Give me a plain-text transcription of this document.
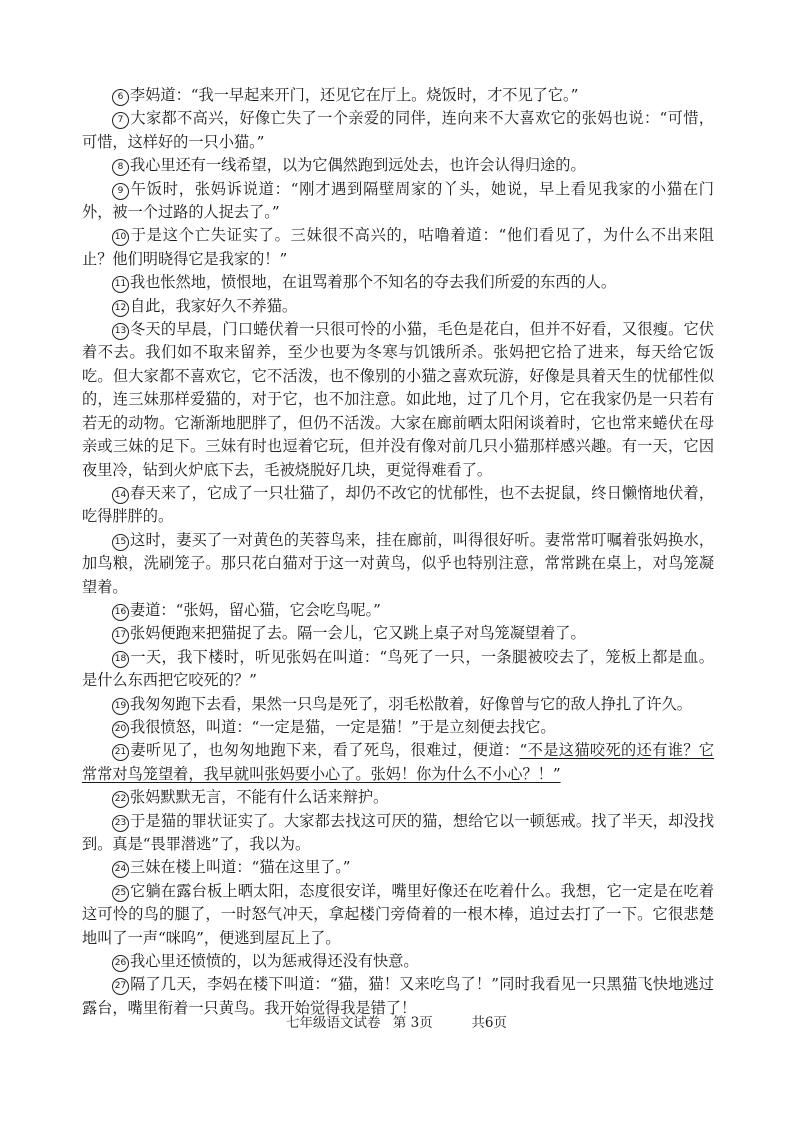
6 李妈道：“我一早起来开门，还见它在厅上。烧饭时，才不见了它。”

7 大家都不高兴，好像亡失了一个亲爱的同伴，连向来不大喜欢它的张妈也说：“可惜，可惜，这样好的一只小猫。”

8 我心里还有一线希望，以为它偶然跑到远处去，也许会认得归途的。

9 午饭时，张妈诉说道：“刚才遇到隔壁周家的丫头，她说，早上看见我家的小猫在门外，被一个过路的人捉去了。”

10 于是这个亡失证实了。三妹很不高兴的，咕噜着道：“他们看见了，为什么不出来阻止？他们明晓得它是我家的！”

11 我也怅然地，愤恨地，在诅骂着那个不知名的夺去我们所爱的东西的人。

12 自此，我家好久不养猫。

13 冬天的早晨，门口蜷伏着一只很可怜的小猫，毛色是花白，但并不好看，又很瘦。它伏着不去。我们如不取来留养，至少也要为冬寒与饥饿所杀。张妈把它拾了进来，每天给它饭吃。但大家都不喜欢它，它不活泼，也不像别的小猫之喜欢玩游，好像是具着天生的忧郁性似的，连三妹那样爱猫的，对于它，也不加注意。如此地，过了几个月，它在我家仍是一只若有若无的动物。它渐渐地肥胖了，但仍不活泼。大家在廊前晒太阳闲谈着时，它也常来蜷伏在母亲或三妹的足下。三妹有时也逗着它玩，但并没有像对前几只小猫那样感兴趣。有一天，它因夜里冷，钻到火炉底下去，毛被烧脱好几块，更觉得难看了。

14 春天来了，它成了一只壮猫了，却仍不改它的忧郁性，也不去捉鼠，终日懒惰地伏着，吃得胖胖的。

15 这时，妻买了一对黄色的芙蓉鸟来，挂在廊前，叫得很好听。妻常常叮嘱着张妈换水，加鸟粮，洗刷笼子。那只花白猫对于这一对黄鸟，似乎也特别注意，常常跳在桌上，对鸟笼凝望着。

16 妻道：“张妈，留心猫，它会吃鸟呢。”

17 张妈便跑来把猫捉了去。隔一会儿，它又跳上桌子对鸟笼凝望着了。

18 一天，我下楼时，听见张妈在叫道：“鸟死了一只，一条腿被咬去了，笼板上都是血。是什么东西把它咬死的？”

19 我匆匆跑下去看，果然一只鸟是死了，羽毛松散着，好像曾与它的敌人挣扎了许久。

20 我很愤怒，叫道：“一定是猫，一定是猫！”于是立刻便去找它。

21 妻听见了，也匆匆地跑下来，看了死鸟，很难过，便道：“不是这猫咬死的还有谁？它常常对鸟笼望着，我早就叫张妈要小心了。张妈！你为什么不小心？！”

22 张妈默默无言，不能有什么话来辩护。

23 于是猫的罪状证实了。大家都去找这可厌的猫，想给它以一顿惩戒。找了半天，却没找到。真是“畏罪潜逃”了，我以为。

24 三妹在楼上叫道：“猫在这里了。”

25 它躺在露台板上晒太阳，态度很安详，嘴里好像还在吃着什么。我想，它一定是在吃着这可怜的鸟的腿了，一时怒气冲天，拿起楼门旁倚着的一根木棒，追过去打了一下。它很悲楚地叫了一声“咪呜”，便逃到屋瓦上了。

26 我心里还愤愤的，以为惩戒得还没有快意。

27 隔了几天，李妈在楼下叫道：“猫，猫！又来吃鸟了！”同时我看见一只黑猫飞快地逃过露台，嘴里衔着一只黄鸟。我开始觉得我是错了！

七年级语文试卷 第 3页	共6页
